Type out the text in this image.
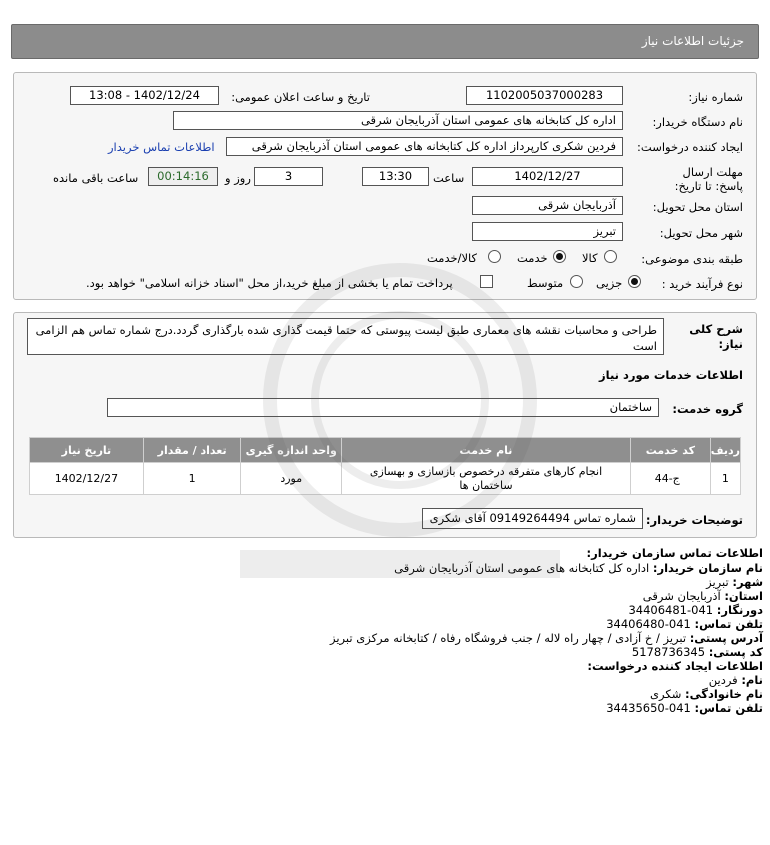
جزئیات اطلاعات نیاز
شماره نیاز:
1102005037000283
تاریخ و ساعت اعلان عمومی:
1402/12/24 - 13:08
نام دستگاه خریدار:
اداره کل کتابخانه های عمومی استان آذربایجان شرقی
ایجاد کننده درخواست:
فردین شکری کارپرداز اداره کل کتابخانه های عمومی استان آذربایجان شرقی
اطلاعات تماس خریدار
مهلت ارسال پاسخ: تا تاریخ:
1402/12/27
ساعت
13:30
3
روز و
00:14:16
ساعت باقی مانده
استان محل تحویل:
آذربایجان شرقی
شهر محل تحویل:
تبریز
طبقه بندی موضوعی:
کالا
خدمت
کالا/خدمت
نوع فرآیند خرید :
جزیی
متوسط
پرداخت تمام یا بخشی از مبلغ خرید،از محل "اسناد خزانه اسلامی" خواهد بود.
شرح کلی نیاز:
طراحی و محاسبات نقشه های معماری طبق لیست پیوستی که حتما قیمت گذاری شده بارگذاری گردد.درج شماره تماس هم الزامی است
اطلاعات خدمات مورد نیاز
گروه خدمت:
ساختمان
ردیف	کد خدمت	نام خدمت	واحد اندازه گیری	تعداد / مقدار	تاریخ نیاز
1	ج-44	انجام کارهای متفرقه درخصوص بازسازی و بهسازی ساختمان ها	مورد	1	1402/12/27
توضیحات خریدار:
شماره تماس 09149264494 آقای شکری
اطلاعات تماس سازمان خریدار:
نام سازمان خریدار: اداره کل کتابخانه های عمومی استان آذربایجان شرقی
شهر: تبریز
استان: آذربایجان شرقی
دورنگار: 041-34406481
تلفن تماس: 041-34406480
آدرس پستی: تبریز / خ آزادی / چهار راه لاله / جنب فروشگاه رفاه / کتابخانه مرکزی تبریز
کد پستی: 5178736345
اطلاعات ایجاد کننده درخواست:
نام: فردین
نام خانوادگی: شکری
تلفن تماس: 041-34435650
